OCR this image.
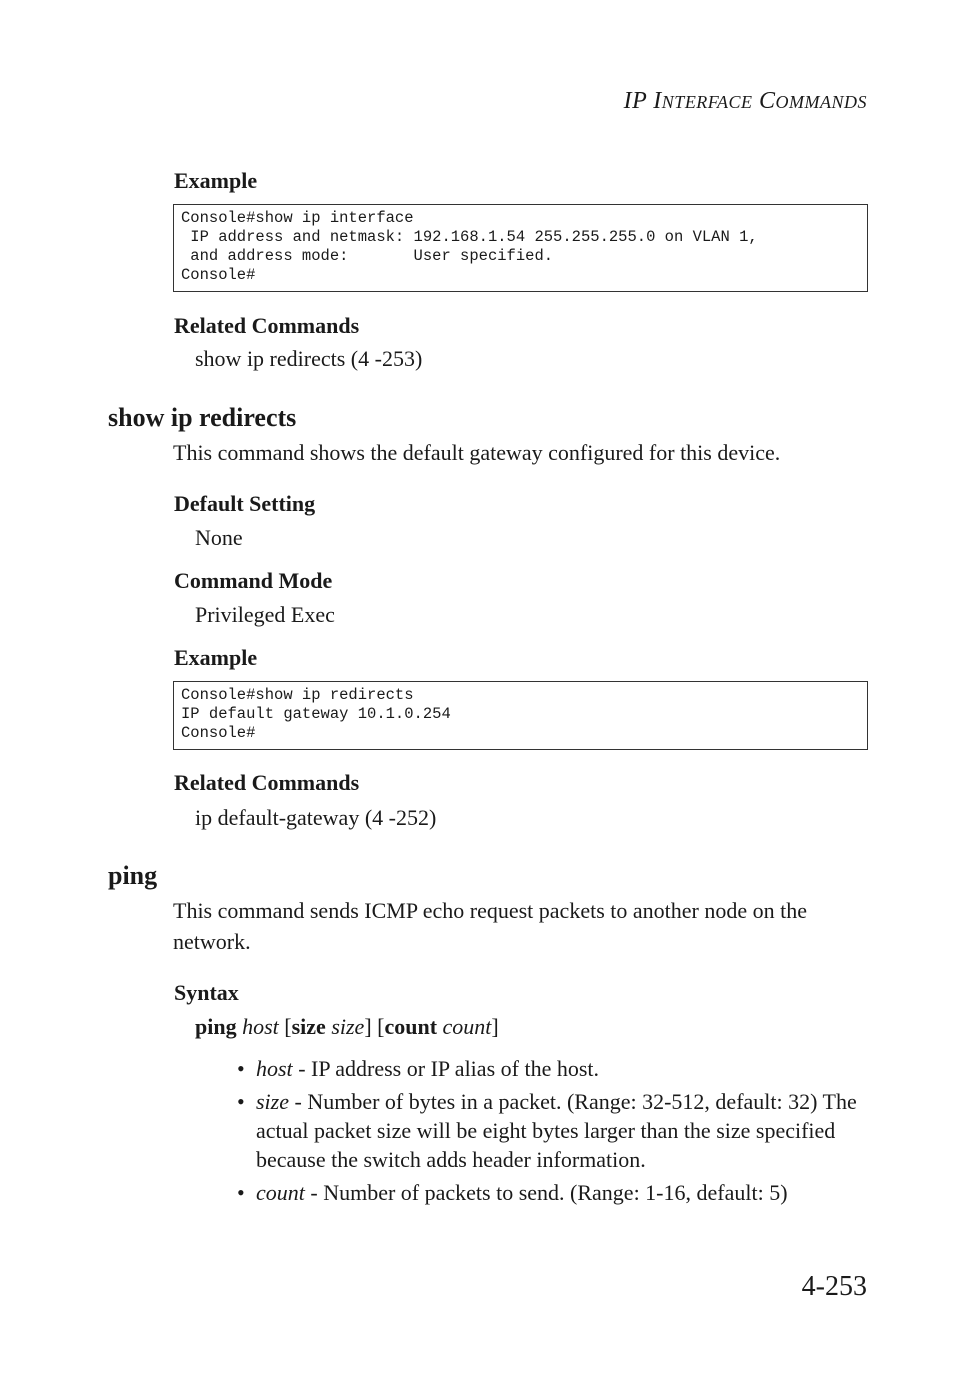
IP INTERFACE COMMANDS
Example
Console#show ip interface
IP address and netmask: 192.168.1.54 255.255.255.0 on VLAN 1,
and address mode:       User specified.
Console#
Related Commands
show ip redirects (4 -253)
show ip redirects
This command shows the default gateway configured for this device.
Default Setting
None
Command Mode
Privileged Exec
Example
Console#show ip redirects
IP default gateway 10.1.0.254
Console#
Related Commands
ip default-gateway (4 -252)
ping
This command sends ICMP echo request packets to another node on the network.
Syntax
ping host [size size] [count count]
• host - IP address or IP alias of the host.
• size - Number of bytes in a packet. (Range: 32-512, default: 32) The actual packet size will be eight bytes larger than the size specified because the switch adds header information.
• count - Number of packets to send. (Range: 1-16, default: 5)
4-253
